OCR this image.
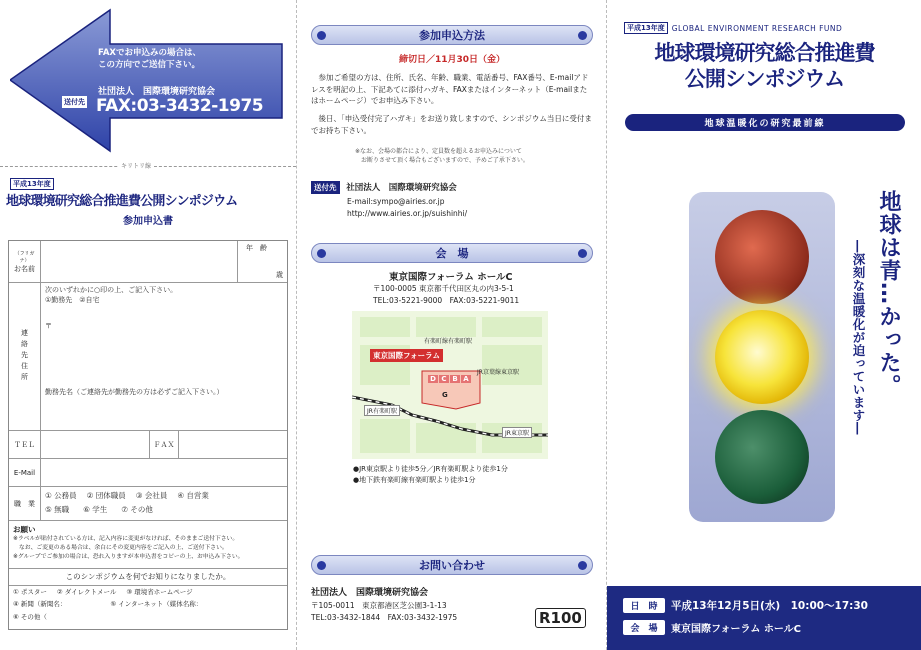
FAXでお申込みの場合は、
この方向でご送信下さい。
送付先
社団法人　国際環境研究協会
FAX:03-3432-1975
キリトリ線
平成13年度
地球環境研究総合推進費公開シンポジウム
参加申込書
（フリガナ）
お名前
年　齢
歳
連絡先住所
次のいずれかに○印の上、ご記入下さい。
①勤務先　②自宅
〒
勤務先名（ご連絡先が勤務先の方は必ずご記入下さい。）
ＴＥＬ	ＦＡＸ
E-Mail
職　業
① 公務員 ② 団体職員 ③ 会社員 ④ 自営業
⑤ 無職 ⑥ 学生 ⑦ その他
お願い
※ラベルが貼付されている方は、記入内容に変更がなければ、そのままご送付下さい。
なお、ご変更のある場合は、余白にその変更内容をご記入の上、ご送付下さい。
※グループでご参加の場合は、恐れ入りますが本申込書をコピーの上、お申込み下さい。
このシンポジウムを何でお知りになりましたか。
① ポスター ② ダイレクトメール ③ 環境省ホームページ
④ 新聞（新聞名：	⑤ インターネット（媒体名称：
⑥ その他（
参加申込方法
締切日／11月30日（金）
参加ご希望の方は、住所、氏名、年齢、職業、電話番号、FAX番号、E-mailアドレスを明記の上、下記あてに添付ハガキ、FAXまたはインターネット（E-mailまたはホームページ）でお申込み下さい。
後日、「申込受付完了ハガキ」をお送り致しますので、シンポジウム当日に受付までお持ち下さい。
※なお、会場の都合により、定員数を超えるお申込みについて
お断りさせて頂く場合もございますので、予めご了承下さい。
送付先 社団法人　国際環境研究協会
E-mail:sympo@airies.or.jp
http://www.airies.or.jp/suishinhi/
会　場
東京国際フォーラム ホールC
〒100-0005 東京都千代田区丸の内3-5-1
TEL:03-5221-9000　FAX:03-5221-9011
東京国際フォーラム
有楽町線有楽町駅
JR京葉線東京駅
D C B A
G
JR有楽町駅
JR東京駅
●JR東京駅より徒歩5分／JR有楽町駅より徒歩1分
●地下鉄有楽町線有楽町駅より徒歩1分
お問い合わせ
社団法人　国際環境研究協会
〒105-0011　東京都港区芝公園3-1-13
TEL:03-3432-1844　FAX:03-3432-1975	R100
平成13年度 GLOBAL ENVIRONMENT RESEARCH FUND
地球環境研究総合推進費
公開シンポジウム
地球温暖化の研究最前線
地球は青…かった。
―深刻な温暖化が迫っています―
日　時	平成13年12月5日(水)　10:00～17:30
会　場	東京国際フォーラム ホールC
